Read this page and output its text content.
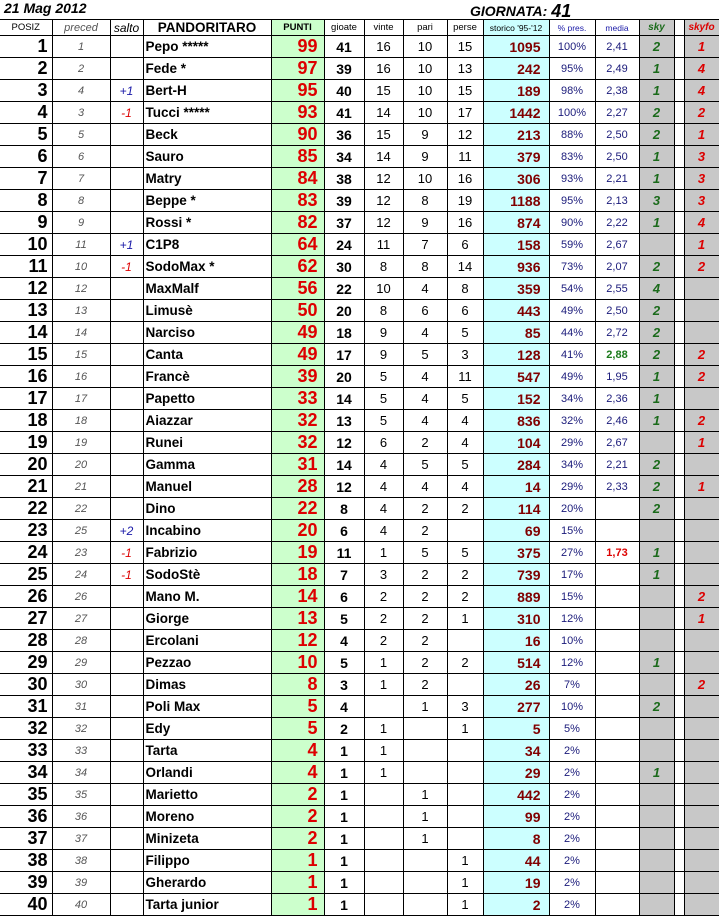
21 Mag 2012	GIORNATA: 41
POSIZ	preced	salto	PANDORITARO	PUNTI	gioate	vinte	pari	perse	storico '95-'12	% pres.	media	sky		skyfo
1	1		Pepo *****	99	41	16	10	15	1095	100%	2,41	2		1
2	2		Fede *	97	39	16	10	13	242	95%	2,49	1		4
3	4	+1	Bert-H	95	40	15	10	15	189	98%	2,38	1		4
4	3	-1	Tucci *****	93	41	14	10	17	1442	100%	2,27	2		2
5	5		Beck	90	36	15	9	12	213	88%	2,50	2		1
6	6		Sauro	85	34	14	9	11	379	83%	2,50	1		3
7	7		Matry	84	38	12	10	16	306	93%	2,21	1		3
8	8		Beppe *	83	39	12	8	19	1188	95%	2,13	3		3
9	9		Rossi *	82	37	12	9	16	874	90%	2,22	1		4
10	11	+1	C1P8	64	24	11	7	6	158	59%	2,67			1
11	10	-1	SodoMax *	62	30	8	8	14	936	73%	2,07	2		2
12	12		MaxMalf	56	22	10	4	8	359	54%	2,55	4		
13	13		Limusè	50	20	8	6	6	443	49%	2,50	2		
14	14		Narciso	49	18	9	4	5	85	44%	2,72	2		
15	15		Canta	49	17	9	5	3	128	41%	2,88	2		2
16	16		Francè	39	20	5	4	11	547	49%	1,95	1		2
17	17		Papetto	33	14	5	4	5	152	34%	2,36	1		
18	18		Aiazzar	32	13	5	4	4	836	32%	2,46	1		2
19	19		Runei	32	12	6	2	4	104	29%	2,67			1
20	20		Gamma	31	14	4	5	5	284	34%	2,21	2		
21	21		Manuel	28	12	4	4	4	14	29%	2,33	2		1
22	22		Dino	22	8	4	2	2	114	20%		2		
23	25	+2	Incabino	20	6	4	2		69	15%				
24	23	-1	Fabrizio	19	11	1	5	5	375	27%	1,73	1		
25	24	-1	SodoStè	18	7	3	2	2	739	17%		1		
26	26		Mano M.	14	6	2	2	2	889	15%				2
27	27		Giorge	13	5	2	2	1	310	12%				1
28	28		Ercolani	12	4	2	2		16	10%				
29	29		Pezzao	10	5	1	2	2	514	12%		1		
30	30		Dimas	8	3	1	2		26	7%				2
31	31		Poli Max	5	4		1	3	277	10%		2		
32	32		Edy	5	2	1		1	5	5%				
33	33		Tarta	4	1	1			34	2%				
34	34		Orlandi	4	1	1			29	2%		1		
35	35		Marietto	2	1		1		442	2%				
36	36		Moreno	2	1		1		99	2%				
37	37		Minizeta	2	1		1		8	2%				
38	38		Filippo	1	1			1	44	2%				
39	39		Gherardo	1	1			1	19	2%				
40	40		Tarta junior	1	1			1	2	2%				
